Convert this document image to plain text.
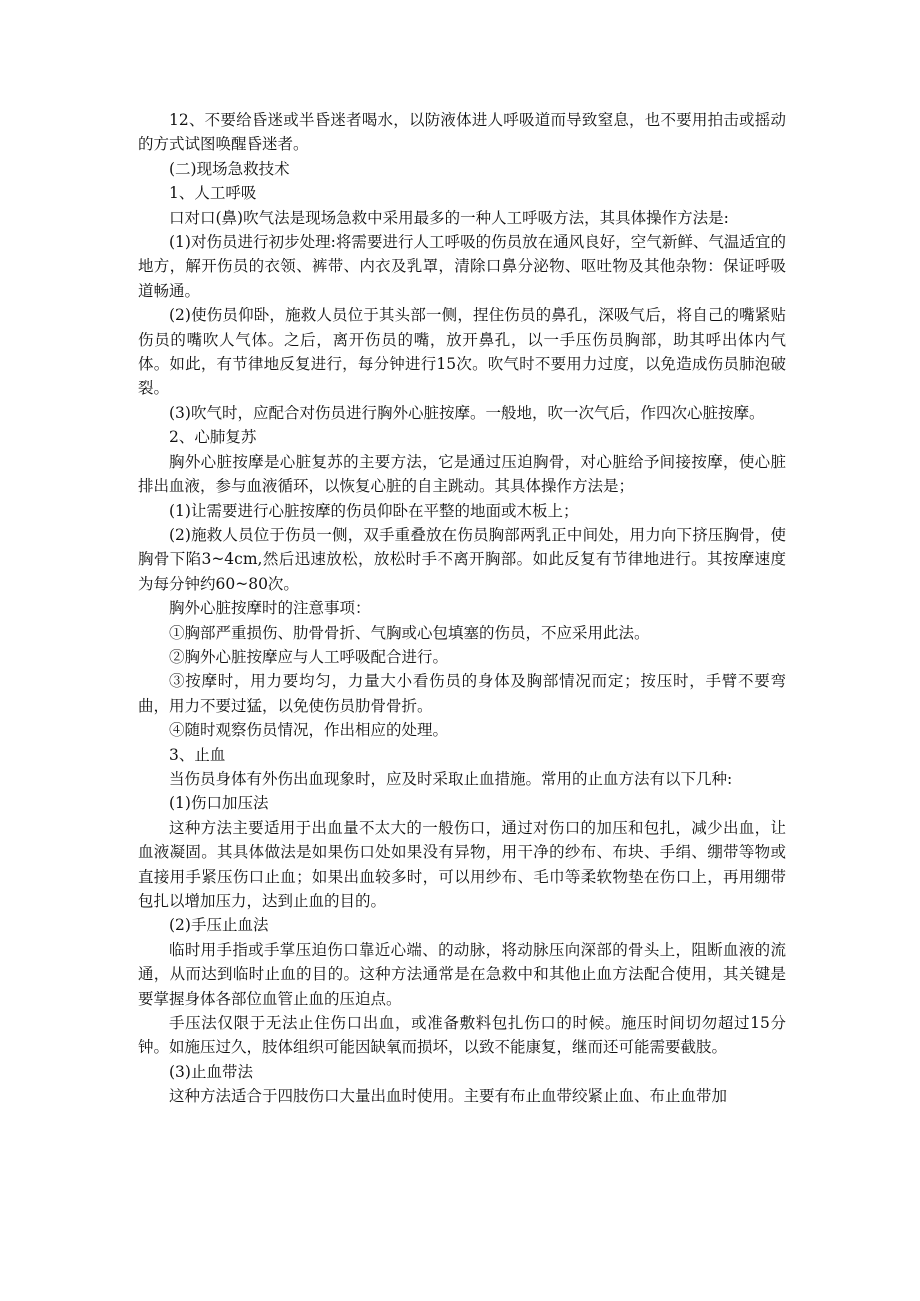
12、不要给昏迷或半昏迷者喝水，以防液体进人呼吸道而导致窒息，也不要用拍击或摇动的方式试图唤醒昏迷者。

(二)现场急救技术

1、人工呼吸

口对口(鼻)吹气法是现场急救中采用最多的一种人工呼吸方法，其具体操作方法是:

(1)对伤员进行初步处理:将需要进行人工呼吸的伤员放在通风良好，空气新鲜、气温适宜的地方，解开伤员的衣领、裤带、内衣及乳罩，清除口鼻分泌物、呕吐物及其他杂物：保证呼吸道畅通。

(2)使伤员仰卧，施救人员位于其头部一侧，捏住伤员的鼻孔，深吸气后，将自己的嘴紧贴伤员的嘴吹人气体。之后，离开伤员的嘴，放开鼻孔，以一手压伤员胸部，助其呼出体内气体。如此，有节律地反复进行，每分钟进行15次。吹气时不要用力过度，以免造成伤员肺泡破裂。

(3)吹气时，应配合对伤员进行胸外心脏按摩。一般地，吹一次气后，作四次心脏按摩。

2、心肺复苏

胸外心脏按摩是心脏复苏的主要方法，它是通过压迫胸骨，对心脏给予间接按摩，使心脏排出血液，参与血液循环，以恢复心脏的自主跳动。其具体操作方法是；

(1)让需要进行心脏按摩的伤员仰卧在平整的地面或木板上；

(2)施救人员位于伤员一侧，双手重叠放在伤员胸部两乳正中间处，用力向下挤压胸骨，使胸骨下陷3~4cm,然后迅速放松，放松时手不离开胸部。如此反复有节律地进行。其按摩速度为每分钟约60~80次。

胸外心脏按摩时的注意事项：

①胸部严重损伤、肋骨骨折、气胸或心包填塞的伤员，不应采用此法。

②胸外心脏按摩应与人工呼吸配合进行。

③按摩时，用力要均匀，力量大小看伤员的身体及胸部情况而定；按压时，手臂不要弯曲，用力不要过猛，以免使伤员肋骨骨折。

④随时观察伤员情况，作出相应的处理。

3、止血

当伤员身体有外伤出血现象时，应及时采取止血措施。常用的止血方法有以下几种:

(1)伤口加压法

这种方法主要适用于出血量不太大的一般伤口，通过对伤口的加压和包扎，减少出血，让血液凝固。其具体做法是如果伤口处如果没有异物，用干净的纱布、布块、手绢、绷带等物或直接用手紧压伤口止血；如果出血较多时，可以用纱布、毛巾等柔软物垫在伤口上，再用绷带包扎以增加压力，达到止血的目的。

(2)手压止血法

临时用手指或手掌压迫伤口靠近心端、的动脉，将动脉压向深部的骨头上，阻断血液的流通，从而达到临时止血的目的。这种方法通常是在急救中和其他止血方法配合使用，其关键是要掌握身体各部位血管止血的压迫点。

手压法仅限于无法止住伤口出血，或准备敷料包扎伤口的时候。施压时间切勿超过15分钟。如施压过久，肢体组织可能因缺氧而损坏，以致不能康复，继而还可能需要截肢。

(3)止血带法

这种方法适合于四肢伤口大量出血时使用。主要有布止血带绞紧止血、布止血带加
